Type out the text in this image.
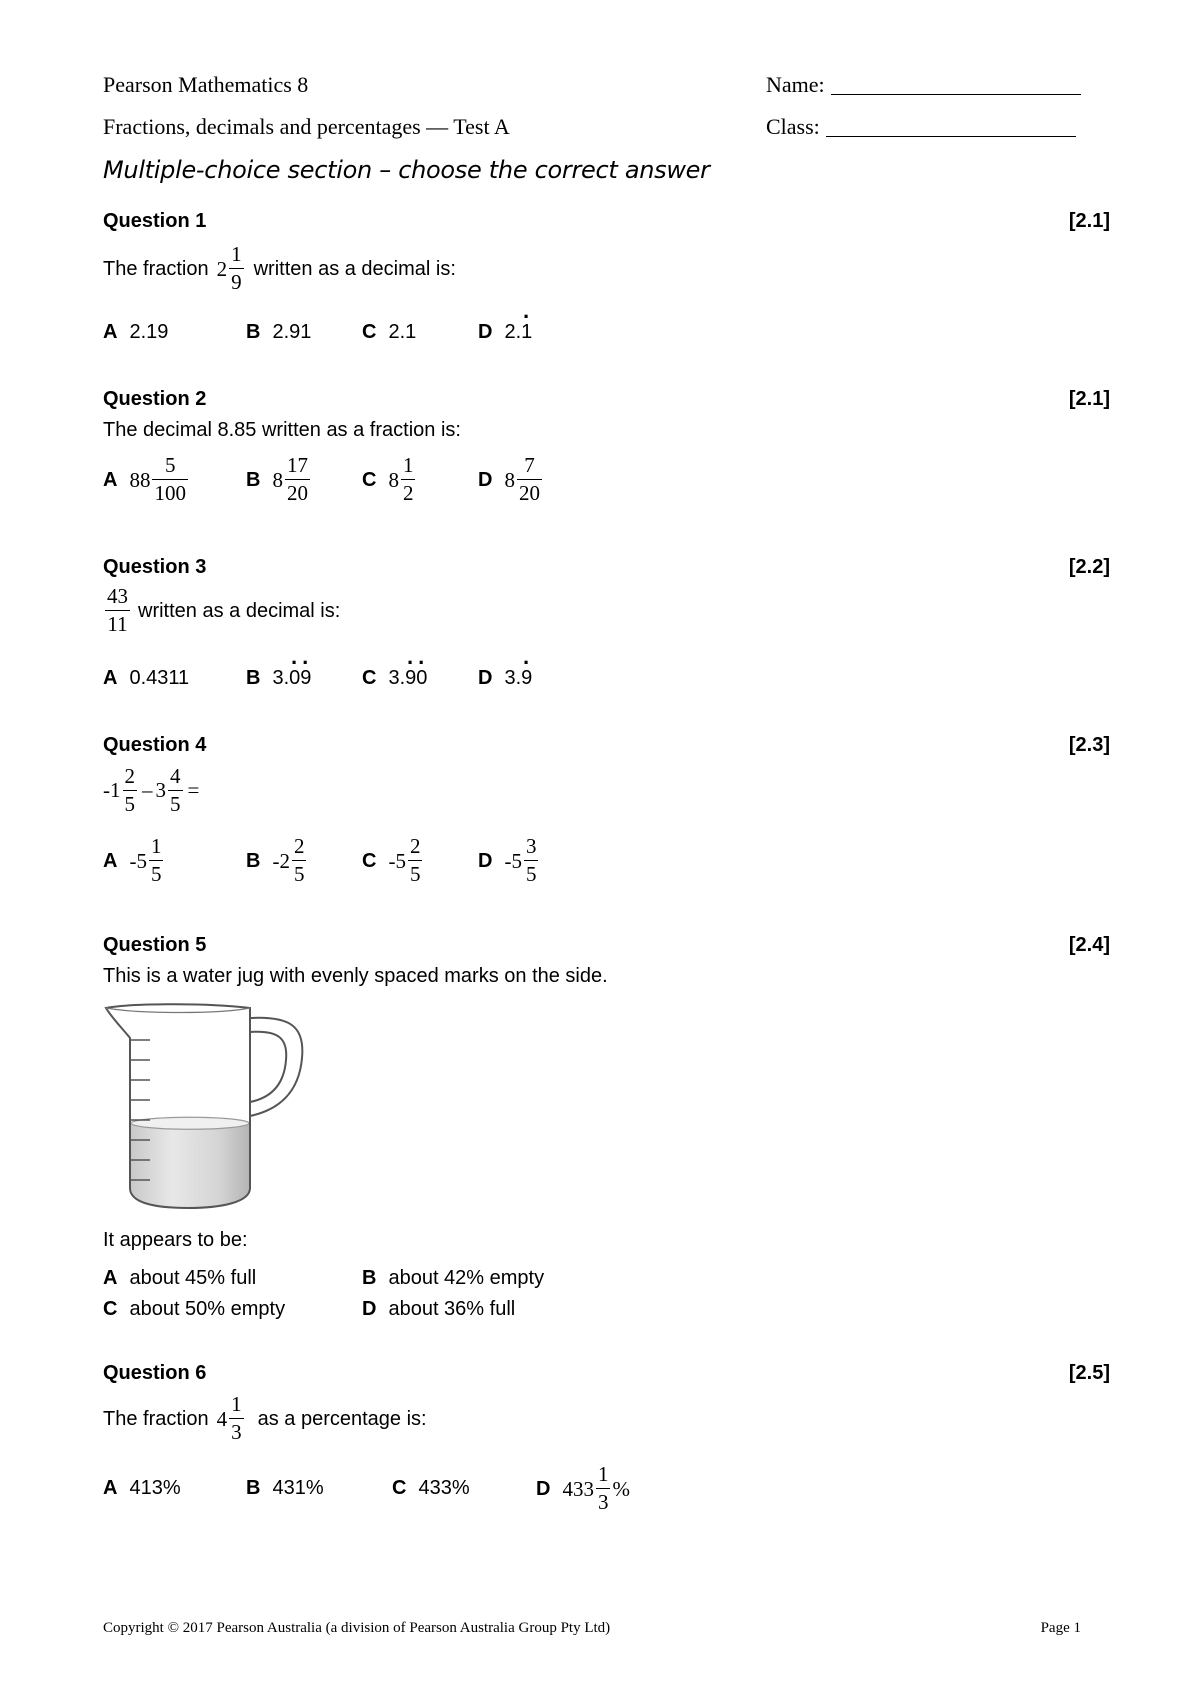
Pearson Mathematics 8
Fractions, decimals and percentages — Test A
Name:
Class:
Multiple-choice section – choose the correct answer
Question 1	[2.1]
The fraction $2 \frac{1}{9}$ written as a decimal is:
A 2.19	B 2.91	C 2.1	D 2.· 1
Question 2	[2.1]
The decimal 8.85 written as a fraction is:
A $88 \frac{5}{100}$	B $8 \frac{17}{20}$	C $8 \frac{1}{2}$	D $8 \frac{7}{20}$
Question 3	[2.2]
$\frac{43}{11}$ written as a decimal is:
A 0.4311	B 3.· 0· 9	C 3.· 9· 0	D 3.· 9
Question 4	[2.3]
$-1 \frac{2}{5} - 3 \frac{4}{5}$ =
A $-5 \frac{1}{5}$	B $-2 \frac{2}{5}$	C $-5 \frac{2}{5}$	D $-5 \frac{3}{5}$
Question 5	[2.4]
This is a water jug with evenly spaced marks on the side.
It appears to be:
A about 45% full	B about 42% empty
C about 50% empty	D about 36% full
Question 6	[2.5]
The fraction $4 \frac{1}{3}$ as a percentage is:
A 413%	B 431%	C 433%	D $433 \frac{1}{3}$ %
Copyright © 2017 Pearson Australia (a division of Pearson Australia Group Pty Ltd)	Page 1
